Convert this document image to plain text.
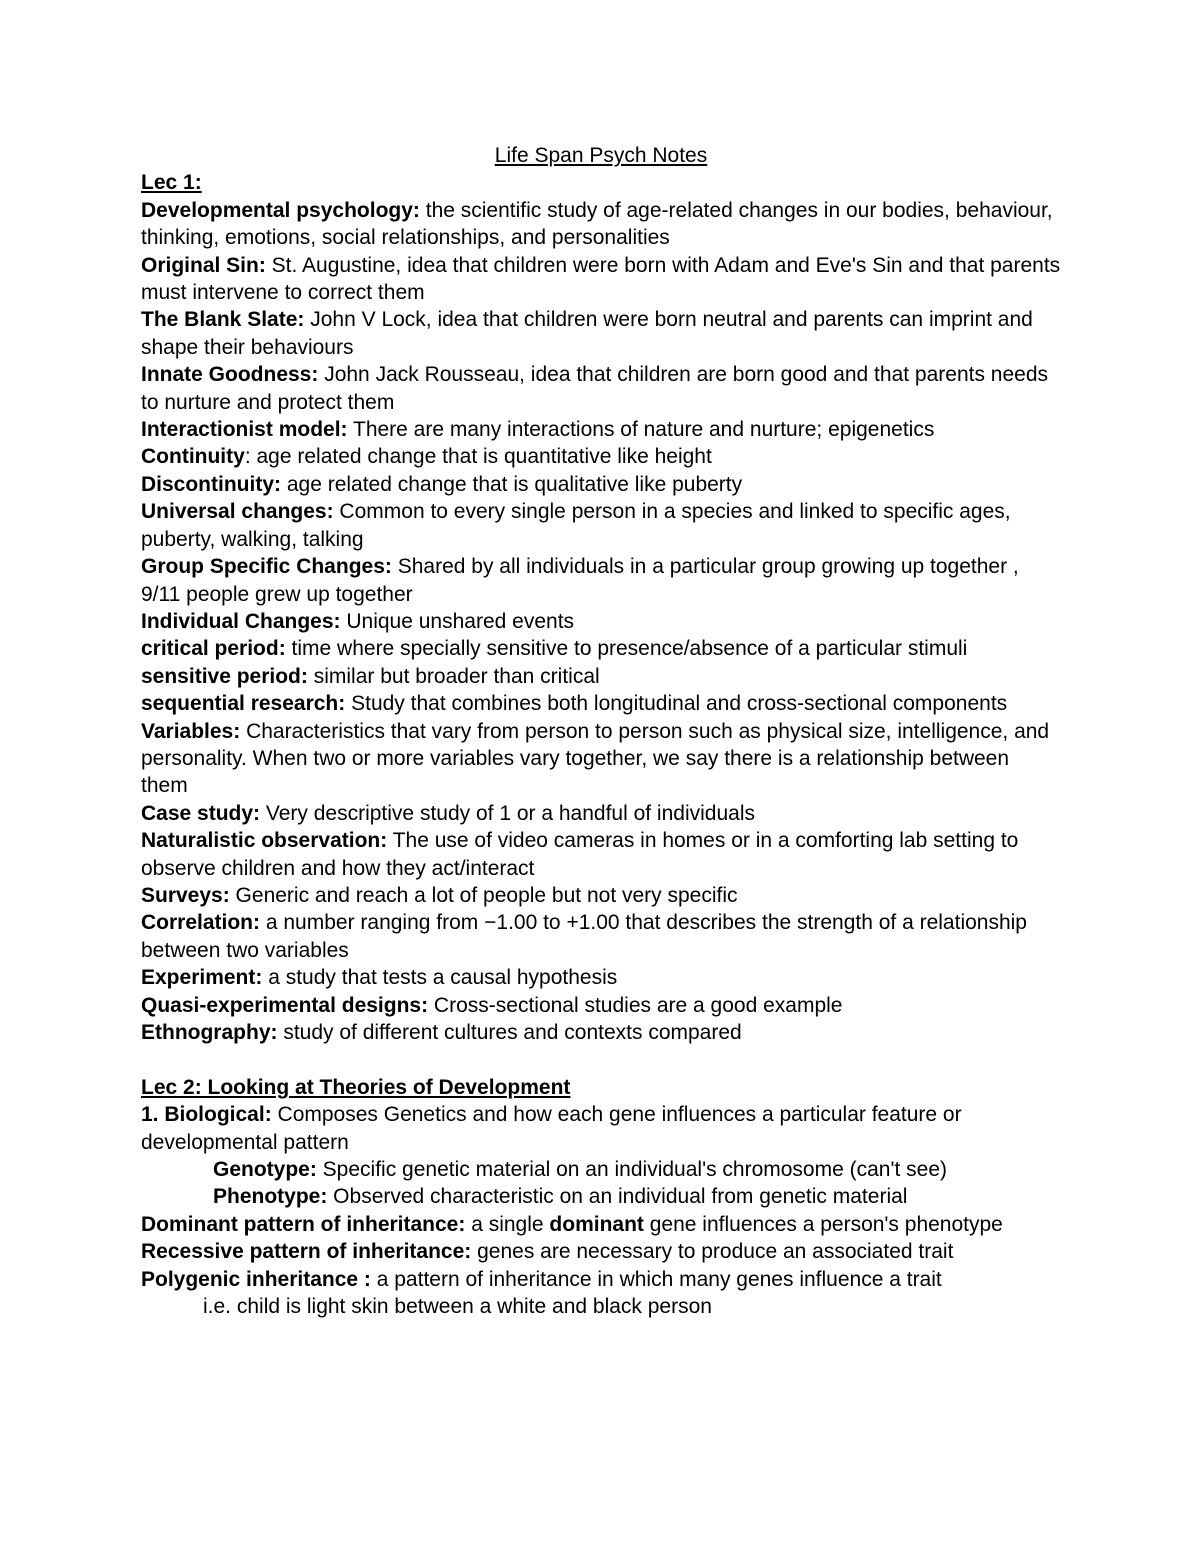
Life Span Psych Notes

Lec 1:

Developmental psychology: the scientific study of age-related changes in our bodies, behaviour, thinking, emotions, social relationships, and personalities

Original Sin: St. Augustine, idea that children were born with Adam and Eve's Sin and that parents must intervene to correct them

The Blank Slate: John V Lock, idea that children were born neutral and parents can imprint and shape their behaviours

Innate Goodness: John Jack Rousseau, idea that children are born good and that parents needs to nurture and protect them

Interactionist model: There are many interactions of nature and nurture; epigenetics

Continuity: age related change that is quantitative like height

Discontinuity: age related change that is qualitative like puberty

Universal changes: Common to every single person in a species and linked to specific ages, puberty, walking, talking

Group Specific Changes: Shared by all individuals in a particular group growing up together , 9/11 people grew up together

Individual Changes: Unique unshared events

critical period: time where specially sensitive to presence/absence of a particular stimuli

sensitive period: similar but broader than critical

sequential research: Study that combines both longitudinal and cross-sectional components

Variables: Characteristics that vary from person to person such as physical size, intelligence, and personality. When two or more variables vary together, we say there is a relationship between them

Case study: Very descriptive study of 1 or a handful of individuals

Naturalistic observation: The use of video cameras in homes or in a comforting lab setting to observe children and how they act/interact

Surveys: Generic and reach a lot of people but not very specific

Correlation: a number ranging from −1.00 to +1.00 that describes the strength of a relationship between two variables

Experiment: a study that tests a causal hypothesis

Quasi-experimental designs: Cross-sectional studies are a good example

Ethnography: study of different cultures and contexts compared

Lec 2: Looking at Theories of Development

1. Biological: Composes Genetics and how each gene influences a particular feature or developmental pattern

Genotype: Specific genetic material on an individual's chromosome (can't see)

Phenotype: Observed characteristic on an individual from genetic material

Dominant pattern of inheritance: a single dominant gene influences a person's phenotype

Recessive pattern of inheritance: genes are necessary to produce an associated trait

Polygenic inheritance : a pattern of inheritance in which many genes influence a trait

i.e. child is light skin between a white and black person
